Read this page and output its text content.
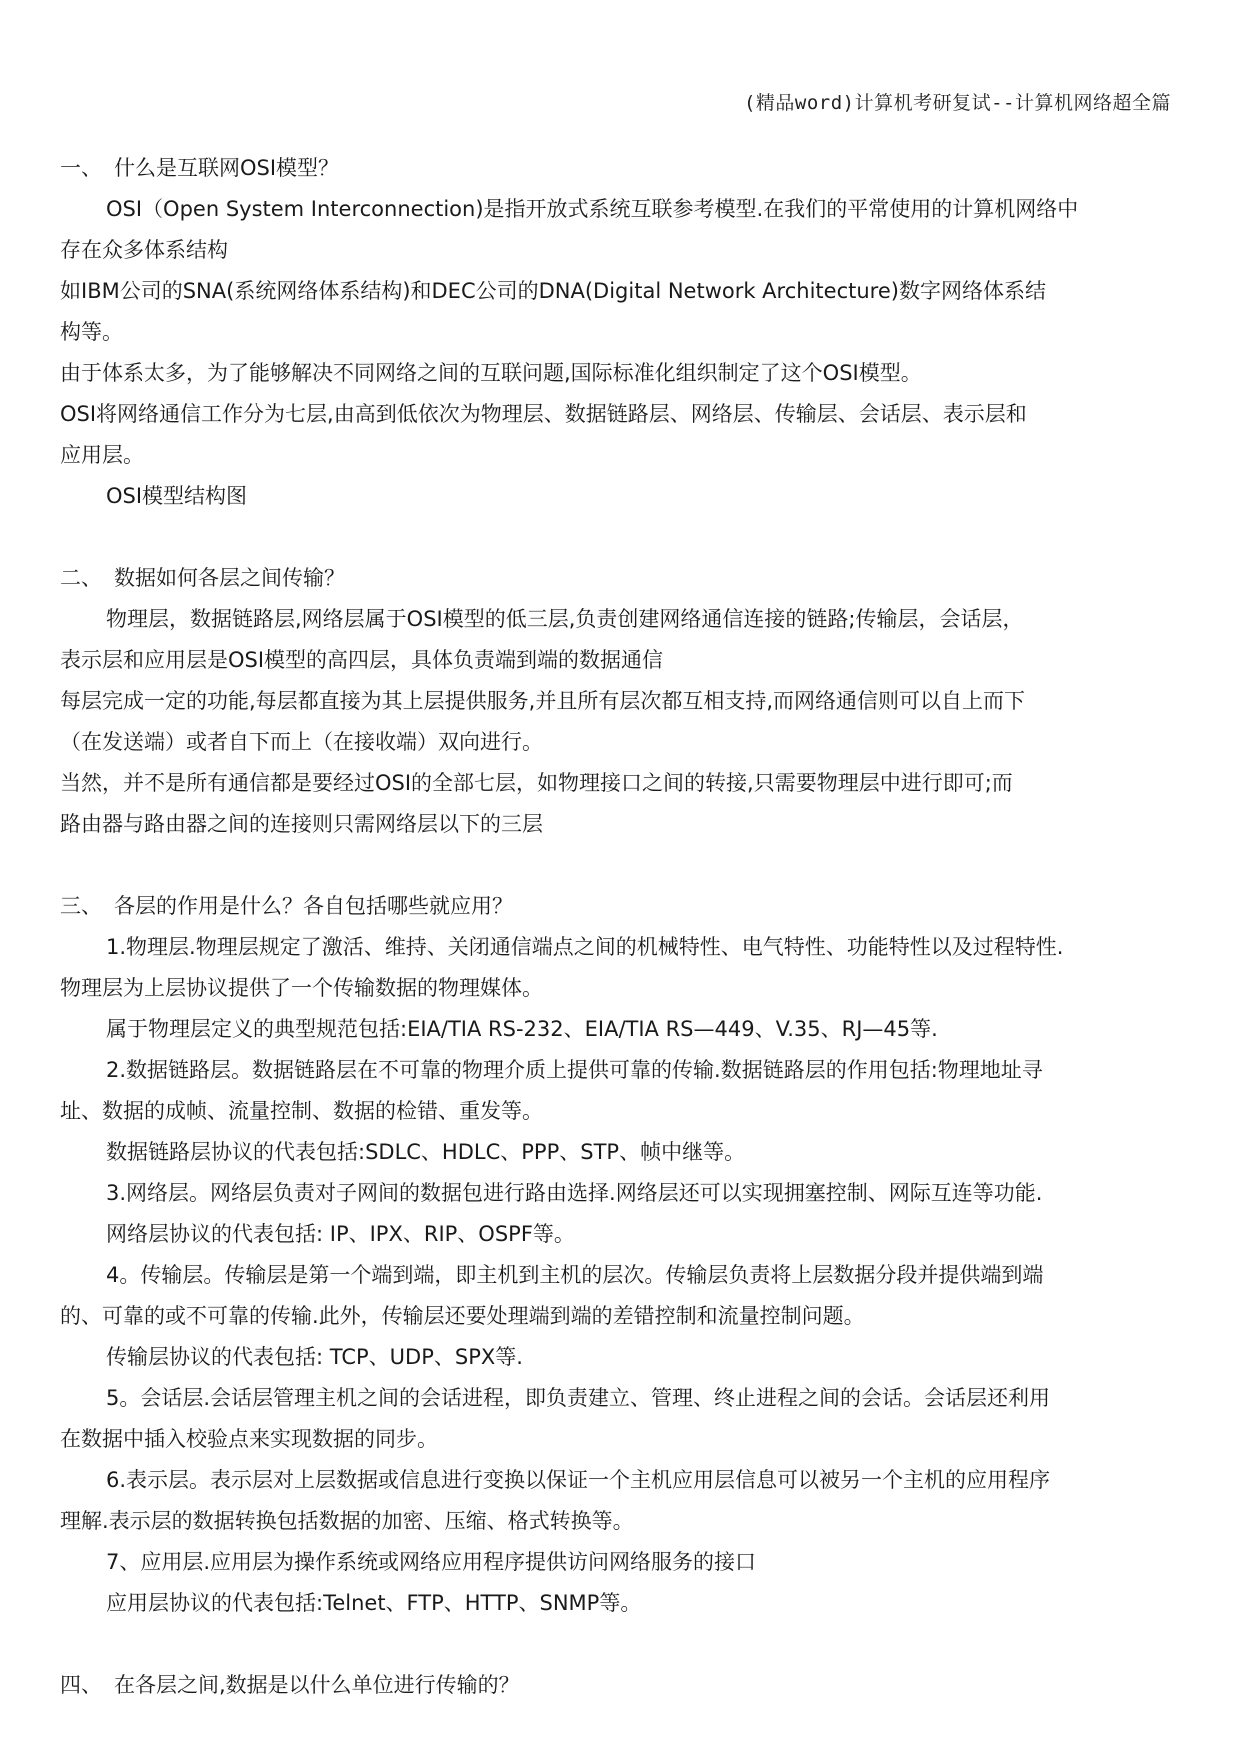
(精品word)计算机考研复试--计算机网络超全篇
一、 什么是互联网OSI模型？
OSI（Open System Interconnection)是指开放式系统互联参考模型.在我们的平常使用的计算机网络中
存在众多体系结构
如IBM公司的SNA(系统网络体系结构)和DEC公司的DNA(Digital Network Architecture)数字网络体系结
构等。
由于体系太多，为了能够解决不同网络之间的互联问题,国际标准化组织制定了这个OSI模型。
OSI将网络通信工作分为七层,由高到低依次为物理层、数据链路层、网络层、传输层、会话层、表示层和
应用层。
OSI模型结构图
二、 数据如何各层之间传输？
物理层，数据链路层,网络层属于OSI模型的低三层,负责创建网络通信连接的链路;传输层，会话层，
表示层和应用层是OSI模型的高四层，具体负责端到端的数据通信
每层完成一定的功能,每层都直接为其上层提供服务,并且所有层次都互相支持,而网络通信则可以自上而下
（在发送端）或者自下而上（在接收端）双向进行。
当然，并不是所有通信都是要经过OSI的全部七层，如物理接口之间的转接,只需要物理层中进行即可;而
路由器与路由器之间的连接则只需网络层以下的三层
三、 各层的作用是什么？各自包括哪些就应用？
1.物理层.物理层规定了激活、维持、关闭通信端点之间的机械特性、电气特性、功能特性以及过程特性.
物理层为上层协议提供了一个传输数据的物理媒体。
属于物理层定义的典型规范包括:EIA/TIA RS-232、EIA/TIA RS—449、V.35、RJ—45等.
2.数据链路层。数据链路层在不可靠的物理介质上提供可靠的传输.数据链路层的作用包括:物理地址寻
址、数据的成帧、流量控制、数据的检错、重发等。
数据链路层协议的代表包括:SDLC、HDLC、PPP、STP、帧中继等。
3.网络层。网络层负责对子网间的数据包进行路由选择.网络层还可以实现拥塞控制、网际互连等功能.
网络层协议的代表包括: IP、IPX、RIP、OSPF等。
4。传输层。传输层是第一个端到端，即主机到主机的层次。传输层负责将上层数据分段并提供端到端
的、可靠的或不可靠的传输.此外，传输层还要处理端到端的差错控制和流量控制问题。
传输层协议的代表包括: TCP、UDP、SPX等.
5。会话层.会话层管理主机之间的会话进程，即负责建立、管理、终止进程之间的会话。会话层还利用
在数据中插入校验点来实现数据的同步。
6.表示层。表示层对上层数据或信息进行变换以保证一个主机应用层信息可以被另一个主机的应用程序
理解.表示层的数据转换包括数据的加密、压缩、格式转换等。
7、应用层.应用层为操作系统或网络应用程序提供访问网络服务的接口
应用层协议的代表包括:Telnet、FTP、HTTP、SNMP等。
四、 在各层之间,数据是以什么单位进行传输的？
